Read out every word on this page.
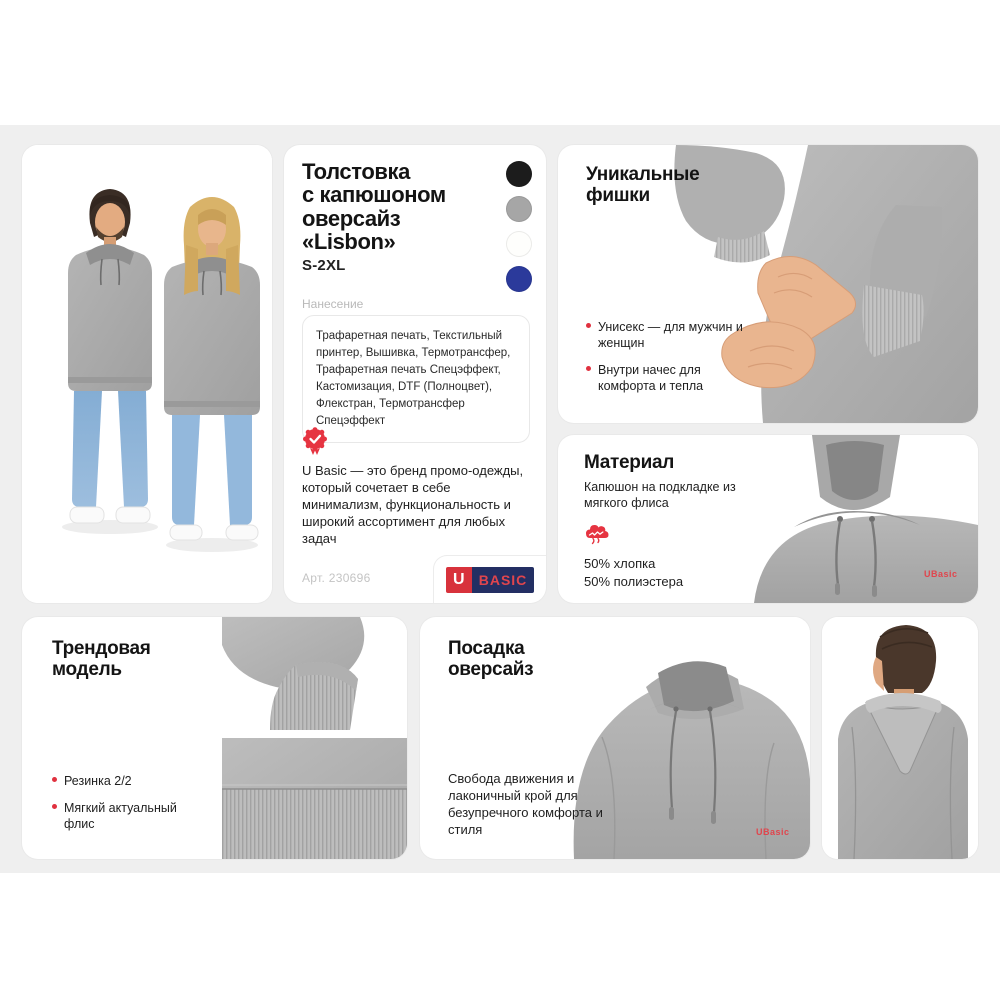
Толстовка
с капюшоном
оверсайз
«Lisbon»
S-2XL
Нанесение
Трафаретная печать, Текстильный принтер, Вышивка, Термотрансфер, Трафаретная печать Спецэффект, Кастомизация, DTF (Полноцвет), Флекстран, Термотрансфер Спецэффект
U Basic — это бренд промо-одежды, который сочетает в себе минимализм, функциональность и широкий ассортимент для любых задач
Арт. 230696	U	BASIC
Уникальные
фишки
Унисекс — для мужчин и женщин
Внутри начес для комфорта и тепла
UBasic
Материал
Капюшон на подкладке из мягкого флиса
50% хлопка
50% полиэстера
Трендовая
модель
Резинка 2/2
Мягкий актуальный флис
UBasic
Посадка
оверсайз
Свобода движения и лаконичный крой для безупречного комфорта и стиля
